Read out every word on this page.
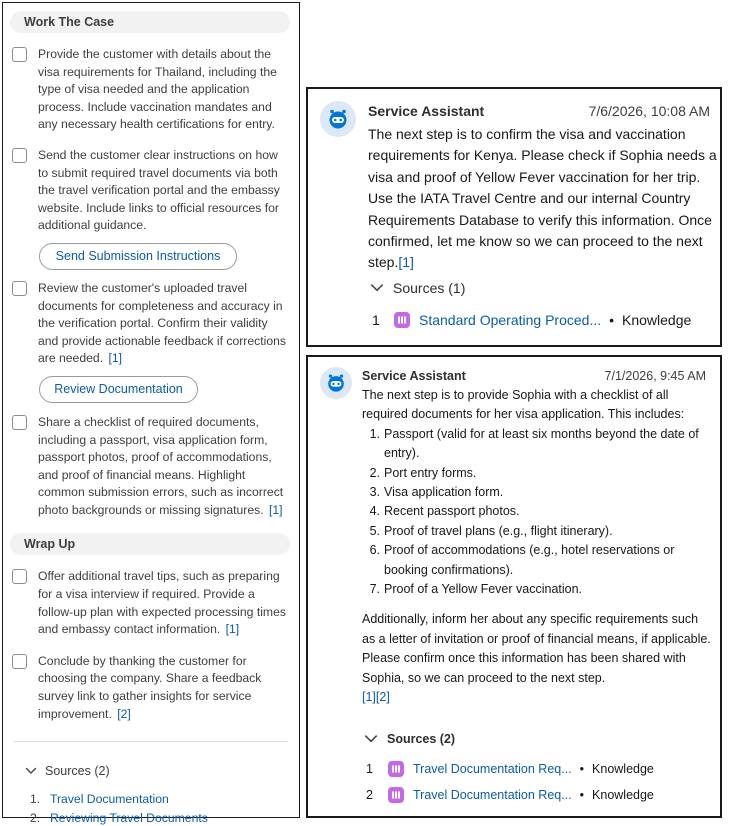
Work The Case
Provide the customer with details about the visa requirements for Thailand, including the type of visa needed and the application process. Include vaccination mandates and any necessary health certifications for entry.
Send the customer clear instructions on how to submit required travel documents via both the travel verification portal and the embassy website. Include links to official resources for additional guidance.
Send Submission Instructions
Review the customer's uploaded travel documents for completeness and accuracy in the verification portal. Confirm their validity and provide actionable feedback if corrections are needed. [1]
Review Documentation
Share a checklist of required documents, including a passport, visa application form, passport photos, proof of accommodations, and proof of financial means. Highlight common submission errors, such as incorrect photo backgrounds or missing signatures. [1]
Wrap Up
Offer additional travel tips, such as preparing for a visa interview if required. Provide a follow-up plan with expected processing times and embassy contact information. [1]
Conclude by thanking the customer for choosing the company. Share a feedback survey link to gather insights for service improvement. [2]
Sources (2)
1. Travel Documentation
2. Reviewing Travel Documents
Service Assistant	7/6/2026, 10:08 AM
The next step is to confirm the visa and vaccination requirements for Kenya. Please check if Sophia needs a visa and proof of Yellow Fever vaccination for her trip. Use the IATA Travel Centre and our internal Country Requirements Database to verify this information. Once confirmed, let me know so we can proceed to the next step.[1]
Sources (1)
1	Standard Operating Proced... • Knowledge
Service Assistant	7/1/2026, 9:45 AM
The next step is to provide Sophia with a checklist of all required documents for her visa application. This includes:
Passport (valid for at least six months beyond the date of entry).
Port entry forms.
Visa application form.
Recent passport photos.
Proof of travel plans (e.g., flight itinerary).
Proof of accommodations (e.g., hotel reservations or booking confirmations).
Proof of a Yellow Fever vaccination.
Additionally, inform her about any specific requirements such as a letter of invitation or proof of financial means, if applicable. Please confirm once this information has been shared with Sophia, so we can proceed to the next step.
[1][2]
Sources (2)
1	Travel Documentation Req... • Knowledge
2	Travel Documentation Req... • Knowledge
